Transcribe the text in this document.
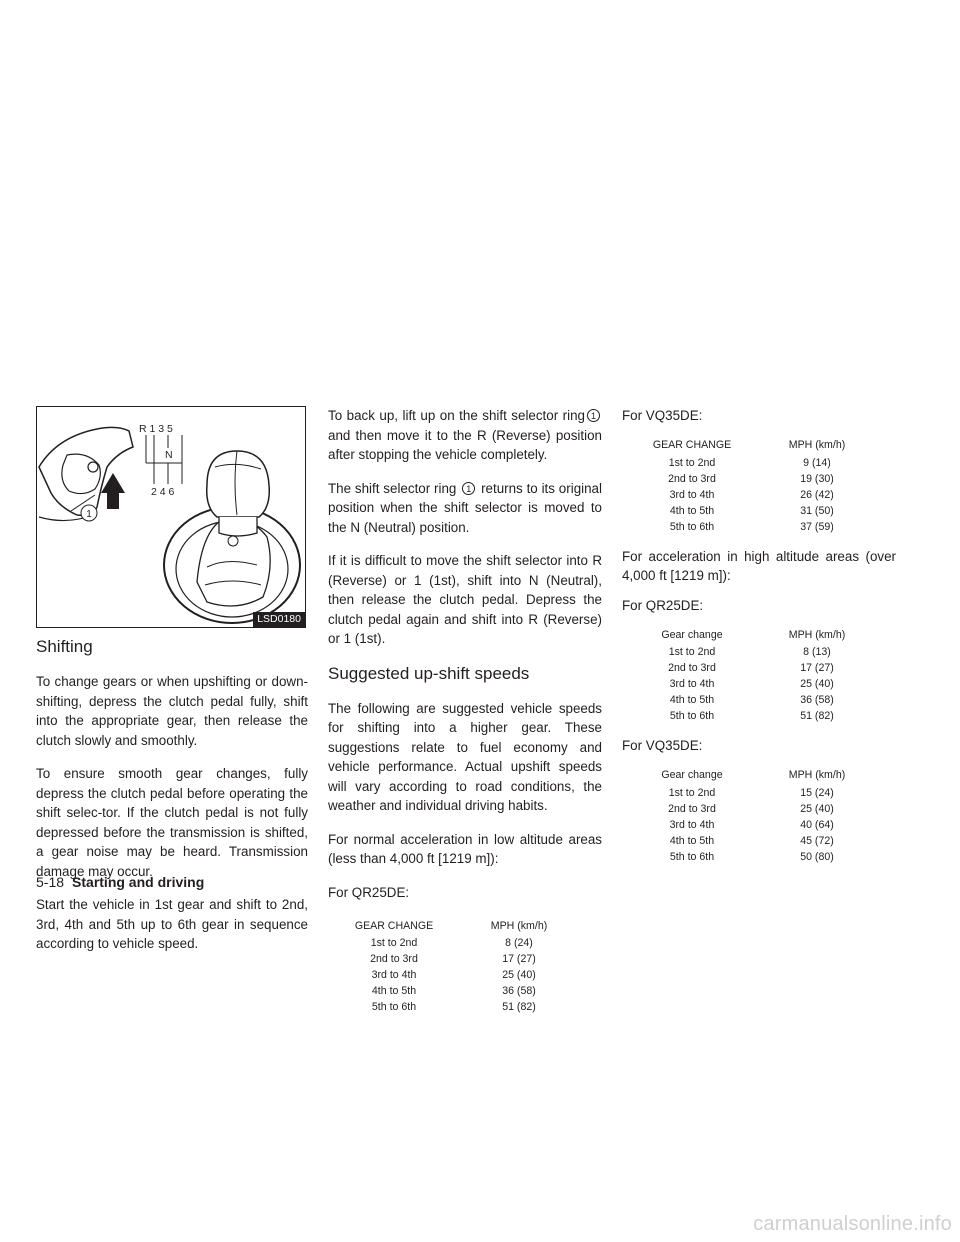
1
R 1 3 5
N
2 4 6
LSD0180
Shifting

To change gears or when upshifting or down-shifting, depress the clutch pedal fully, shift into the appropriate gear, then release the clutch slowly and smoothly.

To ensure smooth gear changes, fully depress the clutch pedal before operating the shift selec-tor. If the clutch pedal is not fully depressed before the transmission is shifted, a gear noise may be heard. Transmission damage may occur.

Start the vehicle in 1st gear and shift to 2nd, 3rd, 4th and 5th up to 6th gear in sequence according to vehicle speed.

To back up, lift up on the shift selector ring 1and then move it to the R (Reverse) position after stopping the vehicle completely.

The shift selector ring 1 returns to its original position when the shift selector is moved to the N (Neutral) position.

If it is difficult to move the shift selector into R (Reverse) or 1 (1st), shift into N (Neutral), then release the clutch pedal. Depress the clutch pedal again and shift into R (Reverse) or 1 (1st).

Suggested up-shift speeds

The following are suggested vehicle speeds for shifting into a higher gear. These suggestions relate to fuel economy and vehicle performance. Actual upshift speeds will vary according to road conditions, the weather and individual driving habits.

For normal acceleration in low altitude areas (less than 4,000 ft [1219 m]):

For QR25DE:

GEAR CHANGE	MPH (km/h)
1st to 2nd	8 (24)
2nd to 3rd	17 (27)
3rd to 4th	25 (40)
4th to 5th	36 (58)
5th to 6th	51 (82)

For VQ35DE:

GEAR CHANGE	MPH (km/h)
1st to 2nd	9 (14)
2nd to 3rd	19 (30)
3rd to 4th	26 (42)
4th to 5th	31 (50)
5th to 6th	37 (59)

For acceleration in high altitude areas (over 4,000 ft [1219 m]):

For QR25DE:

Gear change	MPH (km/h)
1st to 2nd	8 (13)
2nd to 3rd	17 (27)
3rd to 4th	25 (40)
4th to 5th	36 (58)
5th to 6th	51 (82)

For VQ35DE:

Gear change	MPH (km/h)
1st to 2nd	15 (24)
2nd to 3rd	25 (40)
3rd to 4th	40 (64)
4th to 5th	45 (72)
5th to 6th	50 (80)
5-18 Starting and driving
carmanualsonline.info
